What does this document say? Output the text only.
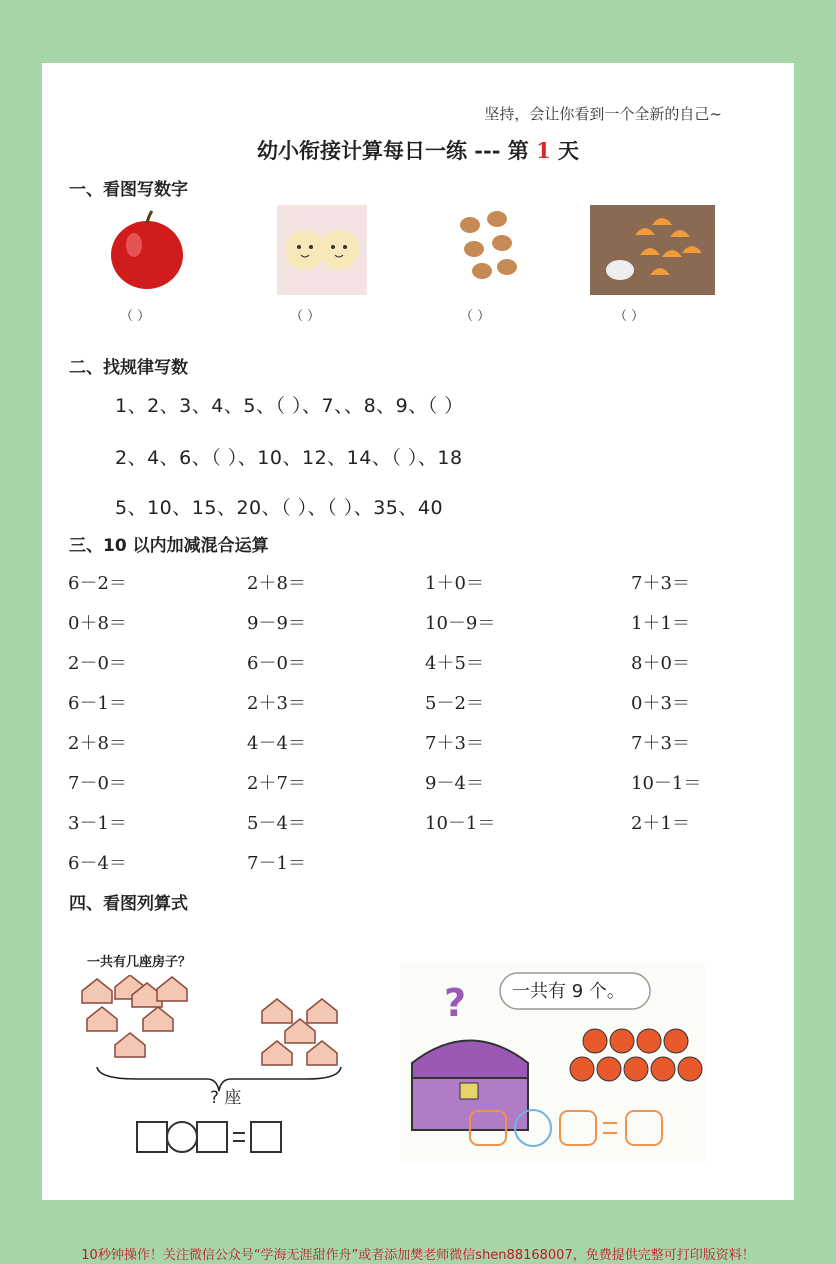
坚持，会让你看到一个全新的自己~
幼小衔接计算每日一练 --- 第 1 天
一、看图写数字
（ ）	（ ）	（ ）	（ ）
二、找规律写数
1、2、3、4、5、（ ）、7、、8、9、（ ）
2、4、6、（ ）、10、12、14、（ ）、18
5、10、15、20、（ ）、（ ）、35、40
三、10 以内加减混合运算
6－2＝	2＋8＝	1＋0＝	7＋3＝
0＋8＝	9－9＝	10－9＝	1＋1＝
2－0＝	6－0＝	4＋5＝	8＋0＝
6－1＝	2＋3＝	5－2＝	0＋3＝
2＋8＝	4－4＝	7＋3＝	7＋3＝
7－0＝	2＋7＝	9－4＝	10－1＝
3－1＝	5－4＝	10－1＝	2＋1＝
6－4＝	7－1＝
四、看图列算式
一共有几座房子？
? 座
一共有 9 个。
?
10秒钟操作！关注微信公众号“学海无涯甜作舟”或者添加樊老师微信shen88168007，免费提供完整可打印版资料！
